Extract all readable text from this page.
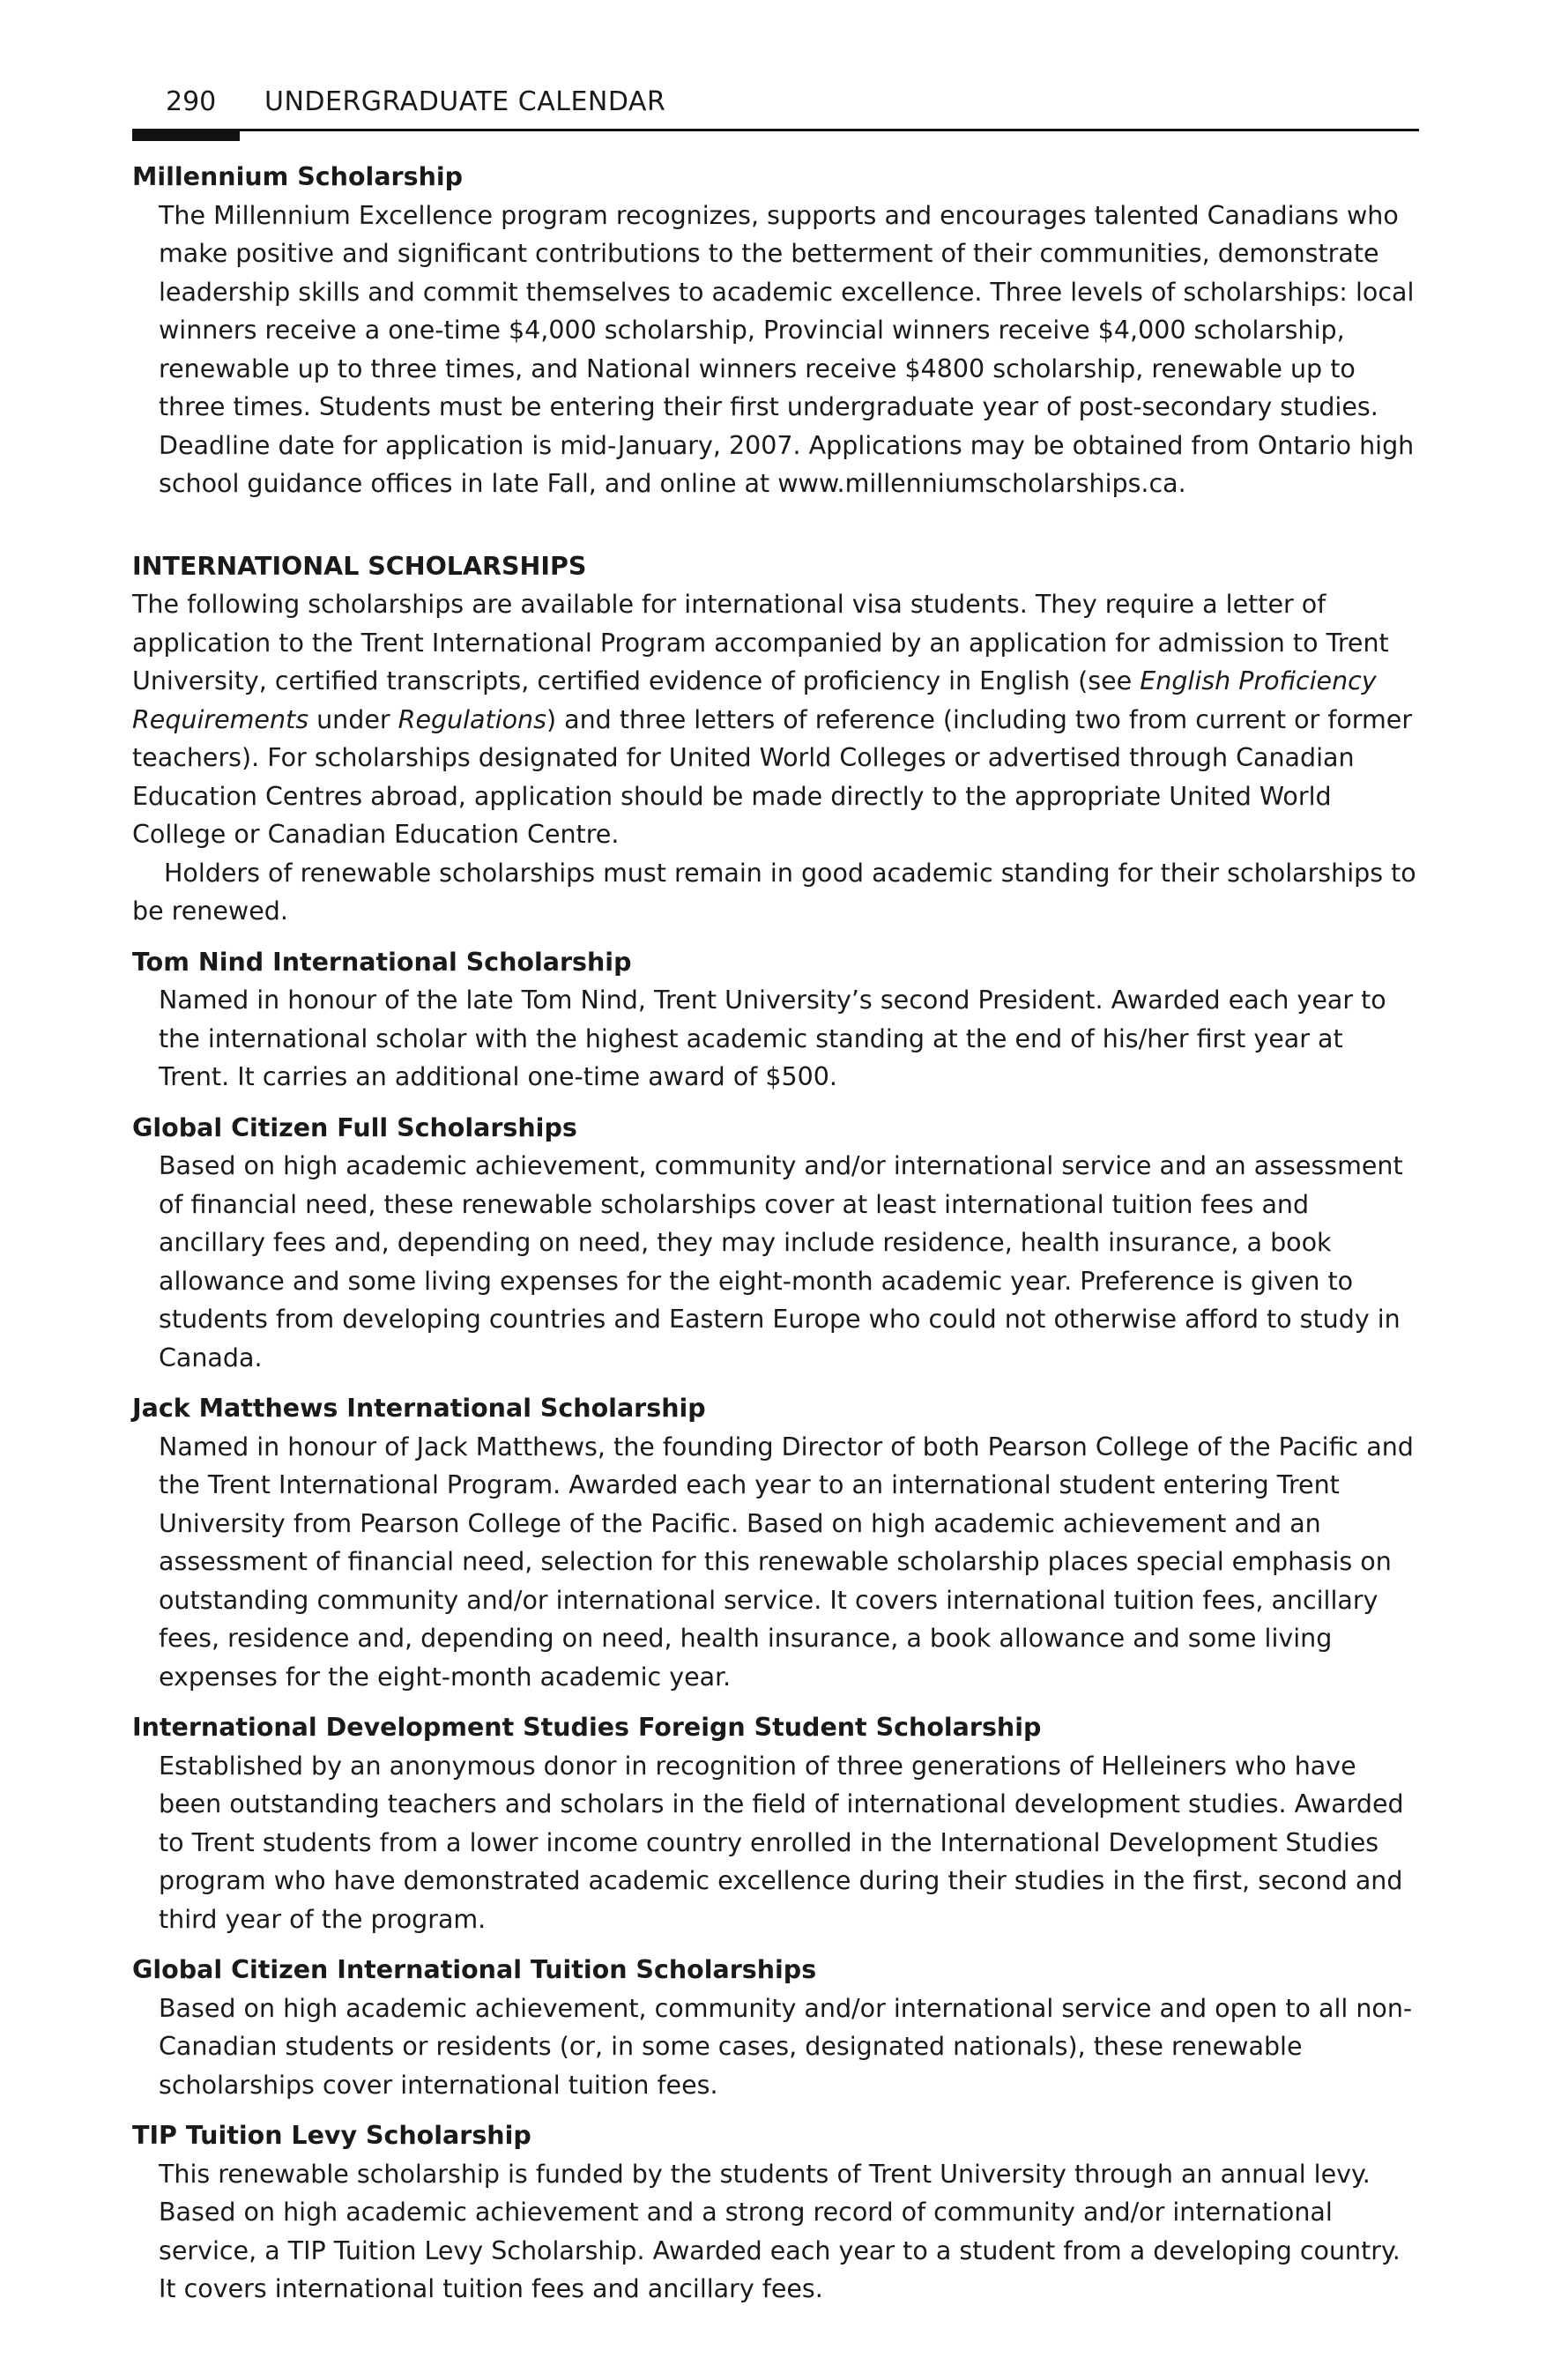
290 UNDERGRADUATE CALENDAR

Millennium Scholarship

The Millennium Excellence program recognizes, supports and encourages talented Canadians who make positive and significant contributions to the betterment of their communities, demonstrate leadership skills and commit themselves to academic excellence. Three levels of scholarships: local winners receive a one-time $4,000 scholarship, Provincial winners receive $4,000 scholarship, renewable up to three times, and National winners receive $4800 scholarship, renewable up to three times. Students must be entering their first undergraduate year of post-secondary studies. Deadline date for application is mid-January, 2007. Applications may be obtained from Ontario high school guidance offices in late Fall, and online at www.millenniumscholarships.ca.

INTERNATIONAL SCHOLARSHIPS

The following scholarships are available for international visa students. They require a letter of application to the Trent International Program accompanied by an application for admission to Trent University, certified transcripts, certified evidence of proficiency in English (see English Proficiency Requirements under Regulations) and three letters of reference (including two from current or former teachers). For scholarships designated for United World Colleges or advertised through Canadian Education Centres abroad, application should be made directly to the appropriate United World College or Canadian Education Centre.

Holders of renewable scholarships must remain in good academic standing for their scholarships to be renewed.

Tom Nind International Scholarship

Named in honour of the late Tom Nind, Trent University’s second President. Awarded each year to the international scholar with the highest academic standing at the end of his/her first year at Trent. It carries an additional one-time award of $500.

Global Citizen Full Scholarships

Based on high academic achievement, community and/or international service and an assessment of financial need, these renewable scholarships cover at least international tuition fees and ancillary fees and, depending on need, they may include residence, health insurance, a book allowance and some living expenses for the eight-month academic year. Preference is given to students from developing countries and Eastern Europe who could not otherwise afford to study in Canada.

Jack Matthews International Scholarship

Named in honour of Jack Matthews, the founding Director of both Pearson College of the Pacific and the Trent International Program. Awarded each year to an international student entering Trent University from Pearson College of the Pacific. Based on high academic achievement and an assessment of financial need, selection for this renewable scholarship places special emphasis on outstanding community and/or international service. It covers international tuition fees, ancillary fees, residence and, depending on need, health insurance, a book allowance and some living expenses for the eight-month academic year.

International Development Studies Foreign Student Scholarship

Established by an anonymous donor in recognition of three generations of Helleiners who have been outstanding teachers and scholars in the field of international development studies. Awarded to Trent students from a lower income country enrolled in the International Development Studies program who have demonstrated academic excellence during their studies in the first, second and third year of the program.

Global Citizen International Tuition Scholarships

Based on high academic achievement, community and/or international service and open to all non-Canadian students or residents (or, in some cases, designated nationals), these renewable scholarships cover international tuition fees.

TIP Tuition Levy Scholarship

This renewable scholarship is funded by the students of Trent University through an annual levy. Based on high academic achievement and a strong record of community and/or international service, a TIP Tuition Levy Scholarship. Awarded each year to a student from a developing country. It covers international tuition fees and ancillary fees.
